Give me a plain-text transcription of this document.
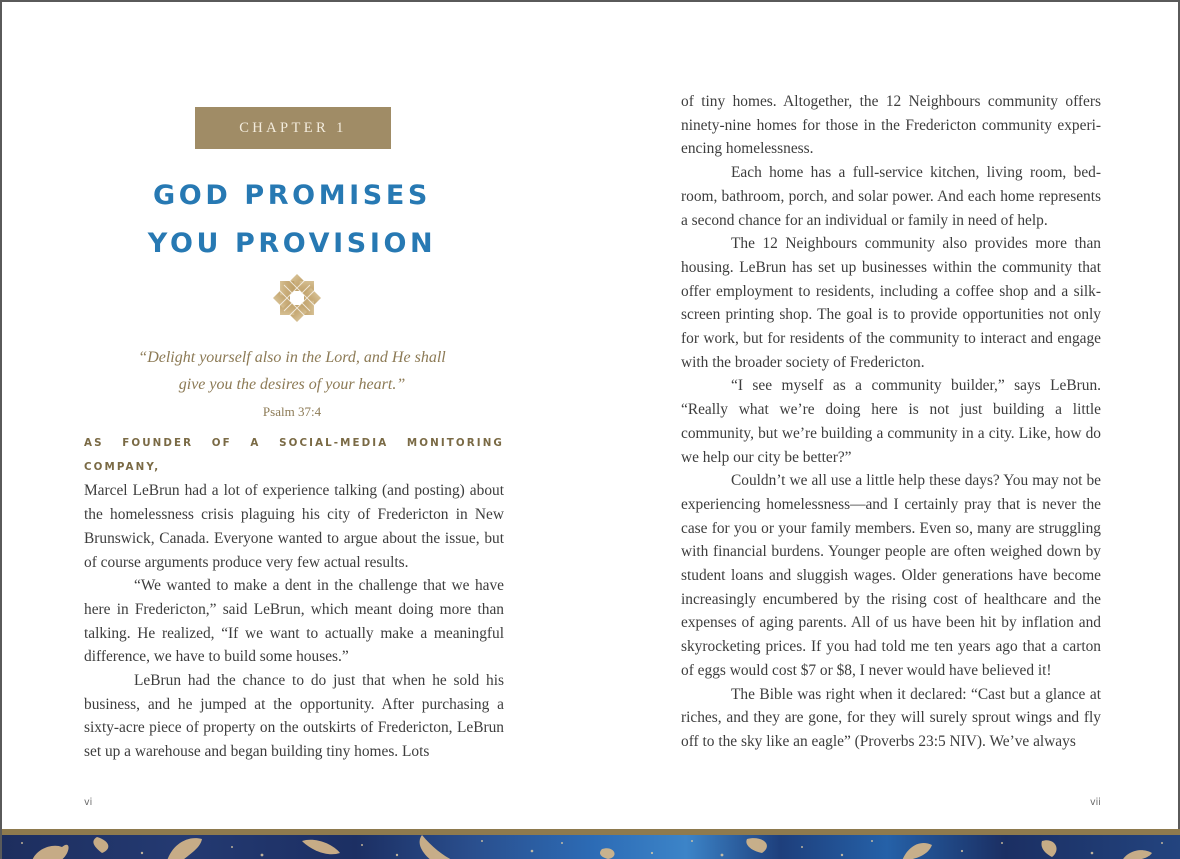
CHAPTER 1
GOD PROMISES
YOU PROVISION
“Delight yourself also in the Lord, and He shall
give you the desires of your heart.”
Psalm 37:4
AS FOUNDER OF A SOCIAL-MEDIA MONITORING COMPANY,

Marcel LeBrun had a lot of experience talking (and posting) about the homelessness crisis plaguing his city of Fredericton in New Brunswick, Canada. Everyone wanted to argue about the issue, but of course arguments produce very few actual results.

“We wanted to make a dent in the challenge that we have here in Fredericton,” said LeBrun, which meant doing more than talking. He realized, “If we want to actually make a meaningful difference, we have to build some houses.”

LeBrun had the chance to do just that when he sold his business, and he jumped at the opportunity. After purchasing a sixty-acre piece of property on the outskirts of Fredericton, LeBrun set up a warehouse and began building tiny homes. Lots

vi	vii

of tiny homes. Altogether, the 12 Neighbours community offers ninety-nine homes for those in the Fredericton community experiencing homelessness.

Each home has a full-service kitchen, living room, bedroom, bathroom, porch, and solar power. And each home represents a second chance for an individual or family in need of help.

The 12 Neighbours community also provides more than housing. LeBrun has set up businesses within the community that offer employment to residents, including a coffee shop and a silkscreen printing shop. The goal is to provide opportunities not only for work, but for residents of the community to interact and engage with the broader society of Fredericton.

“I see myself as a community builder,” says LeBrun. “Really what we’re doing here is not just building a little community, but we’re building a community in a city. Like, how do we help our city be better?”

Couldn’t we all use a little help these days? You may not be experiencing homelessness—and I certainly pray that is never the case for you or your family members. Even so, many are struggling with financial burdens. Younger people are often weighed down by student loans and sluggish wages. Older generations have become increasingly encumbered by the rising cost of healthcare and the expenses of aging parents. All of us have been hit by inflation and skyrocketing prices. If you had told me ten years ago that a carton of eggs would cost $7 or $8, I never would have believed it!

The Bible was right when it declared: “Cast but a glance at riches, and they are gone, for they will surely sprout wings and fly off to the sky like an eagle” (Proverbs 23:5 NIV). We’ve always
